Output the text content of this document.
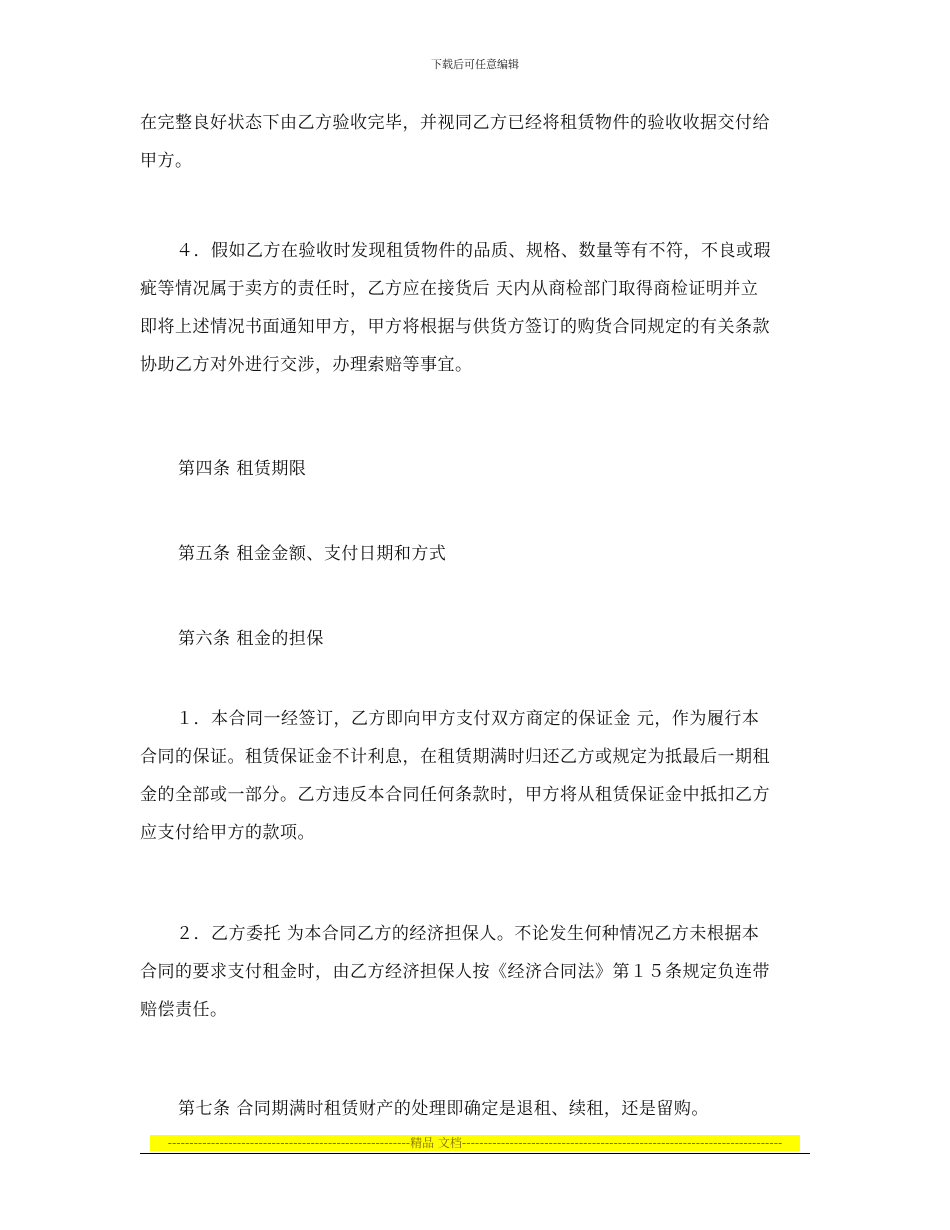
下载后可任意编辑

在完整良好状态下由乙方验收完毕，并视同乙方已经将租赁物件的验收收据交付给
甲方。

４．假如乙方在验收时发现租赁物件的品质、规格、数量等有不符，不良或瑕
疵等情况属于卖方的责任时，乙方应在接货后 天内从商检部门取得商检证明并立
即将上述情况书面通知甲方，甲方将根据与供货方签订的购货合同规定的有关条款
协助乙方对外进行交涉，办理索赔等事宜。

第四条 租赁期限
第五条 租金金额、支付日期和方式
第六条 租金的担保

１．本合同一经签订，乙方即向甲方支付双方商定的保证金 元，作为履行本
合同的保证。租赁保证金不计利息，在租赁期满时归还乙方或规定为抵最后一期租
金的全部或一部分。乙方违反本合同任何条款时，甲方将从租赁保证金中抵扣乙方
应支付给甲方的款项。

２．乙方委托 为本合同乙方的经济担保人。不论发生何种情况乙方未根据本
合同的要求支付租金时，由乙方经济担保人按《经济合同法》第１５条规定负连带
赔偿责任。

第七条 合同期满时租赁财产的处理即确定是退租、续租，还是留购。
--------------------------------------------------------精品 文档--------------------------------------------------------------------------
